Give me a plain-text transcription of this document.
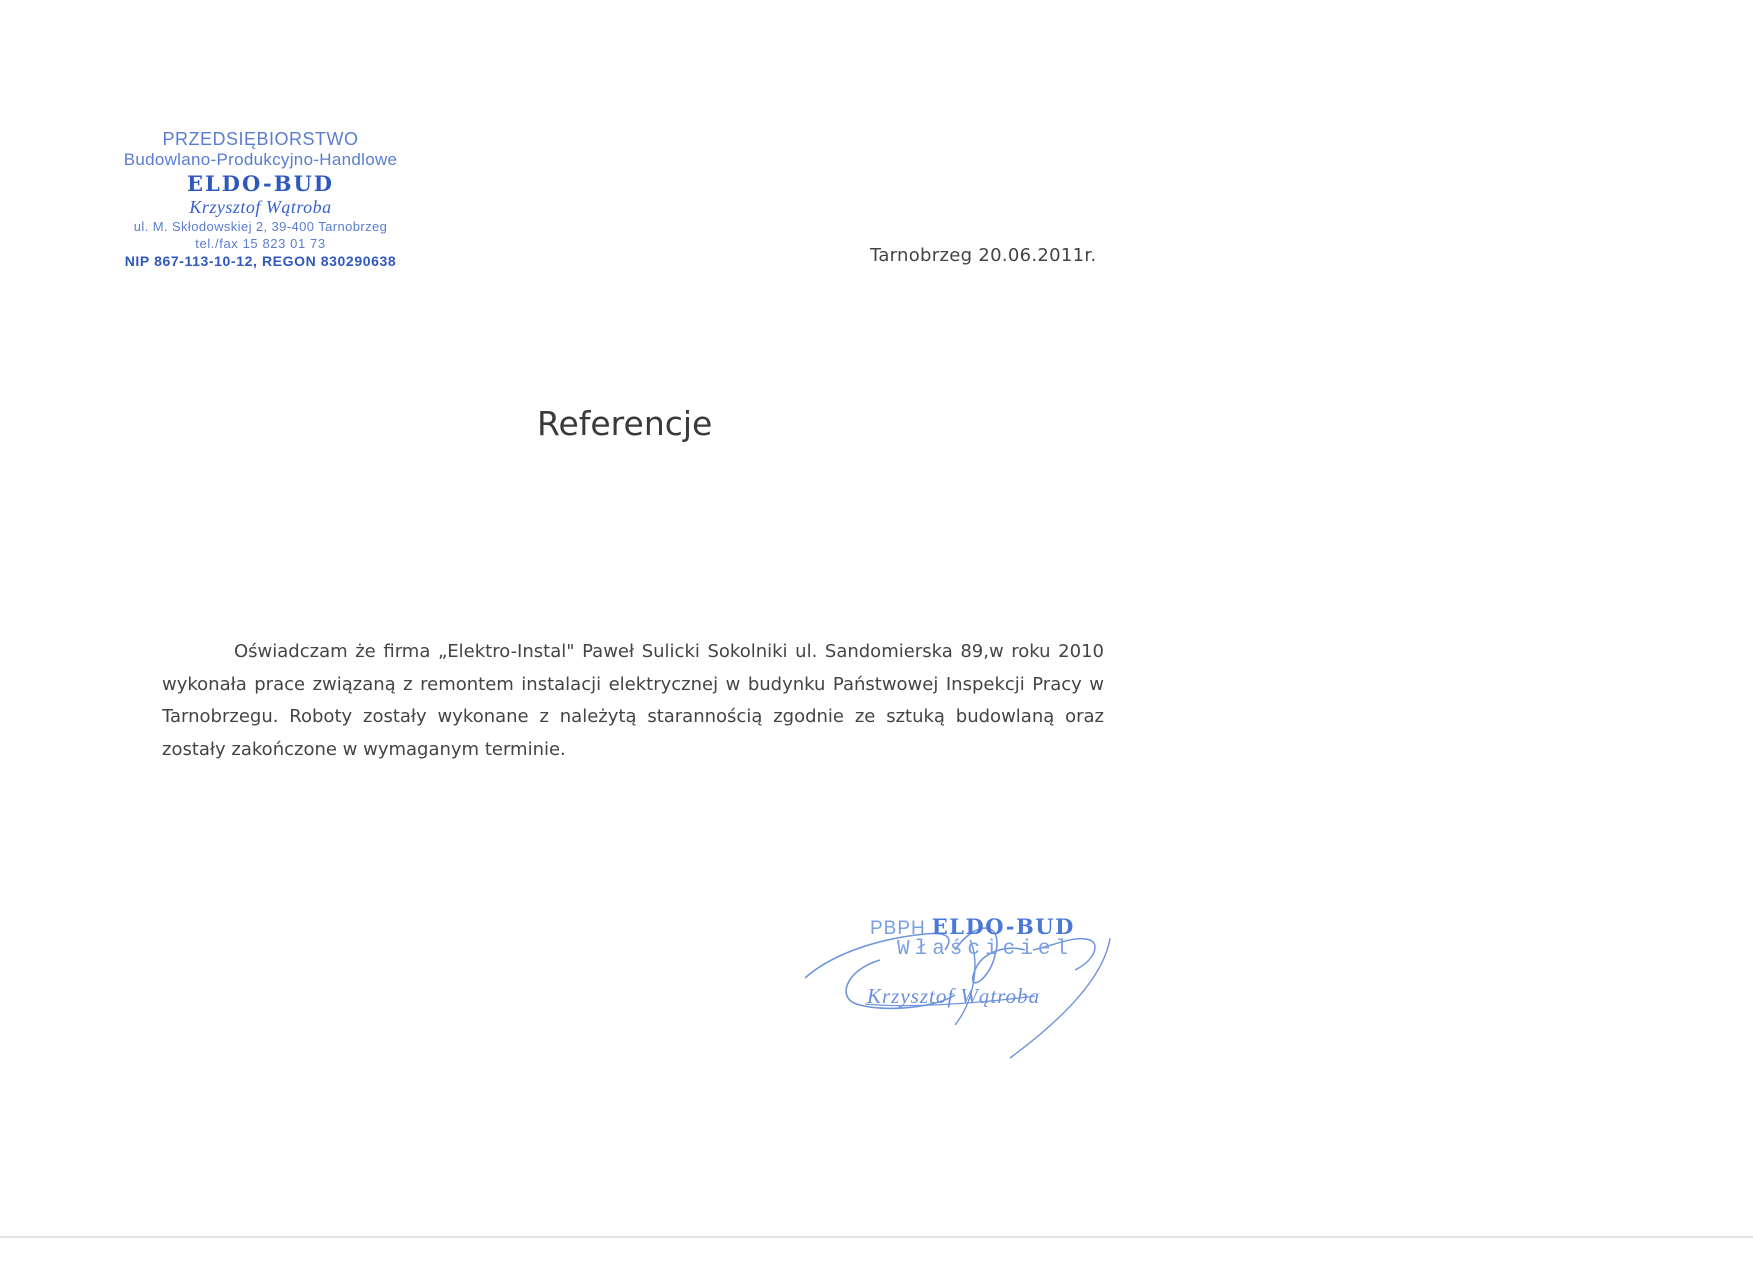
PRZEDSIĘBIORSTWO
Budowlano-Produkcyjno-Handlowe
ELDO-BUD
Krzysztof Wątroba
ul. M. Skłodowskiej 2, 39-400 Tarnobrzeg
tel./fax 15 823 01 73
NIP 867-113-10-12, REGON 830290638	Tarnobrzeg 20.06.2011r.
Referencje
Oświadczam że firma „Elektro-Instal" Paweł Sulicki Sokolniki ul. Sandomierska 89,w roku 2010 wykonała prace związaną z remontem instalacji elektrycznej w budynku Państwowej Inspekcji Pracy w Tarnobrzegu. Roboty zostały wykonane z należytą starannością zgodnie ze sztuką budowlaną oraz zostały zakończone w wymaganym terminie.
PBPH ELDO-BUD
Właściciel
Krzysztof Wątroba
